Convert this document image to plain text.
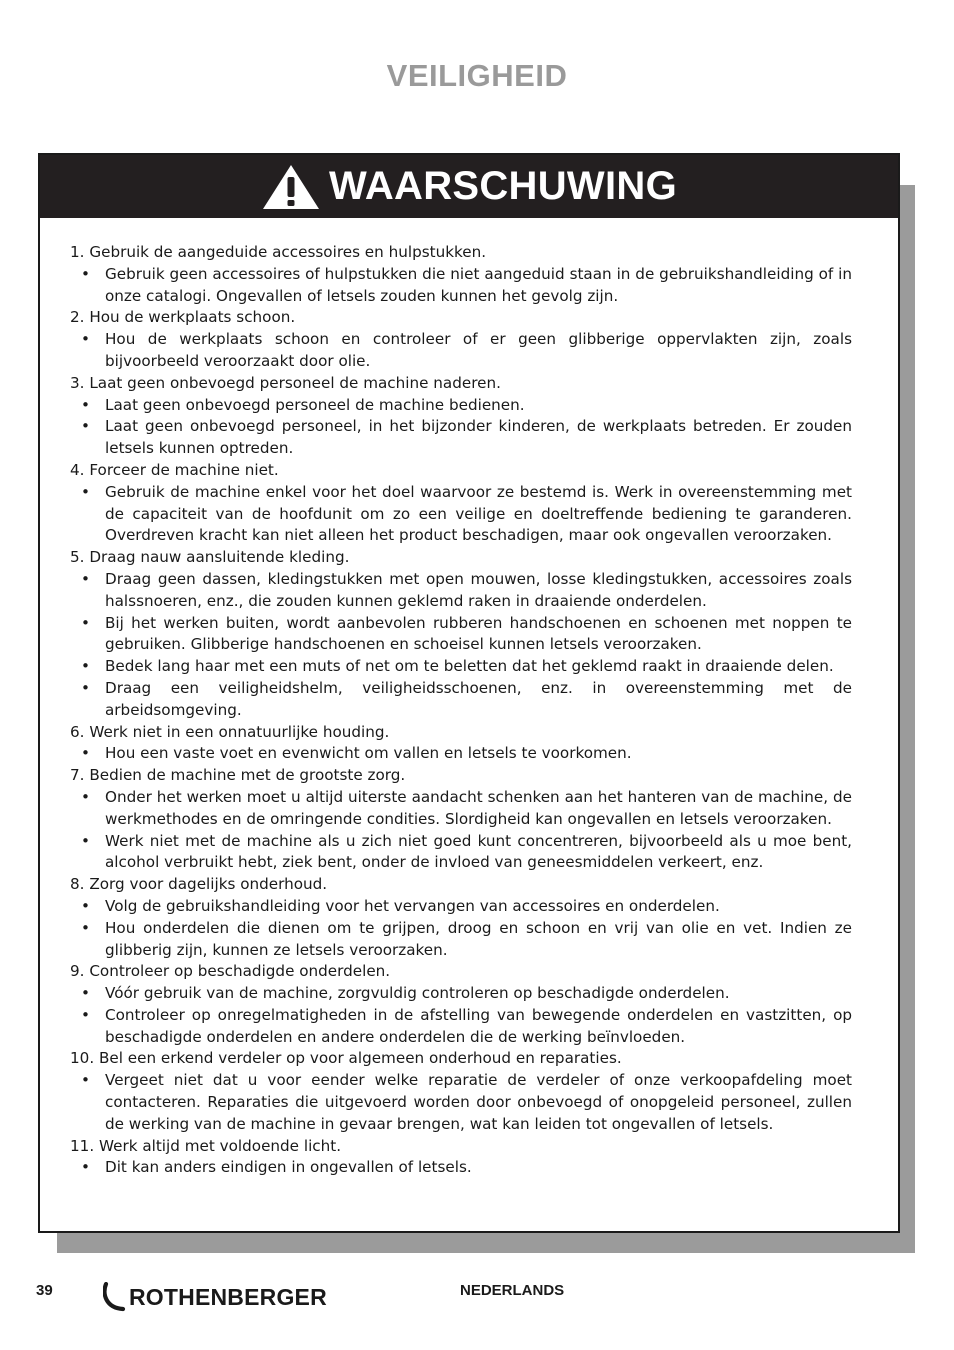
VEILIGHEID
WAARSCHUWING
1. Gebruik de aangeduide accessoires en hulpstukken.
• Gebruik geen accessoires of hulpstukken die niet aangeduid staan in de gebruikshandleiding of in onze catalogi. Ongevallen of letsels zouden kunnen het gevolg zijn.
2. Hou de werkplaats schoon.
• Hou de werkplaats schoon en controleer of er geen glibberige oppervlakten zijn, zoals bijvoorbeeld veroorzaakt door olie.
3. Laat geen onbevoegd personeel de machine naderen.
• Laat geen onbevoegd personeel de machine bedienen.
• Laat geen onbevoegd personeel, in het bijzonder kinderen, de werkplaats betreden. Er zouden letsels kunnen optreden.
4. Forceer de machine niet.
• Gebruik de machine enkel voor het doel waarvoor ze bestemd is. Werk in overeenstemming met de capaciteit van de hoofdunit om zo een veilige en doeltreffende bediening te garanderen. Overdreven kracht kan niet alleen het product beschadigen, maar ook ongevallen veroorzaken.
5. Draag nauw aansluitende kleding.
• Draag geen dassen, kledingstukken met open mouwen, losse kledingstukken, accessoires zoals halssnoeren, enz., die zouden kunnen geklemd raken in draaiende onderdelen.
• Bij het werken buiten, wordt aanbevolen rubberen handschoenen en schoenen met noppen te gebruiken. Glibberige handschoenen en schoeisel kunnen letsels veroorzaken.
• Bedek lang haar met een muts of net om te beletten dat het geklemd raakt in draaiende delen.
• Draag een veiligheidshelm, veiligheidsschoenen, enz. in overeenstemming met de arbeidsomgeving.
6. Werk niet in een onnatuurlijke houding.
• Hou een vaste voet en evenwicht om vallen en letsels te voorkomen.
7. Bedien de machine met de grootste zorg.
• Onder het werken moet u altijd uiterste aandacht schenken aan het hanteren van de machine, de werkmethodes en de omringende condities. Slordigheid kan ongevallen en letsels veroorzaken.
• Werk niet met de machine als u zich niet goed kunt concentreren, bijvoorbeeld als u moe bent, alcohol verbruikt hebt, ziek bent, onder de invloed van geneesmiddelen verkeert, enz.
8. Zorg voor dagelijks onderhoud.
• Volg de gebruikshandleiding voor het vervangen van accessoires en onderdelen.
• Hou onderdelen die dienen om te grijpen, droog en schoon en vrij van olie en vet. Indien ze glibberig zijn, kunnen ze letsels veroorzaken.
9. Controleer op beschadigde onderdelen.
• Vóór gebruik van de machine, zorgvuldig controleren op beschadigde onderdelen.
• Controleer op onregelmatigheden in de afstelling van bewegende onderdelen en vastzitten, op beschadigde onderdelen en andere onderdelen die de werking beïnvloeden.
10. Bel een erkend verdeler op voor algemeen onderhoud en reparaties.
• Vergeet niet dat u voor eender welke reparatie de verdeler of onze verkoopafdeling moet contacteren. Reparaties die uitgevoerd worden door onbevoegd of onopgeleid personeel, zullen de werking van de machine in gevaar brengen, wat kan leiden tot ongevallen of letsels.
11. Werk altijd met voldoende licht.
• Dit kan anders eindigen in ongevallen of letsels.
39	ROTHENBERGER	NEDERLANDS
